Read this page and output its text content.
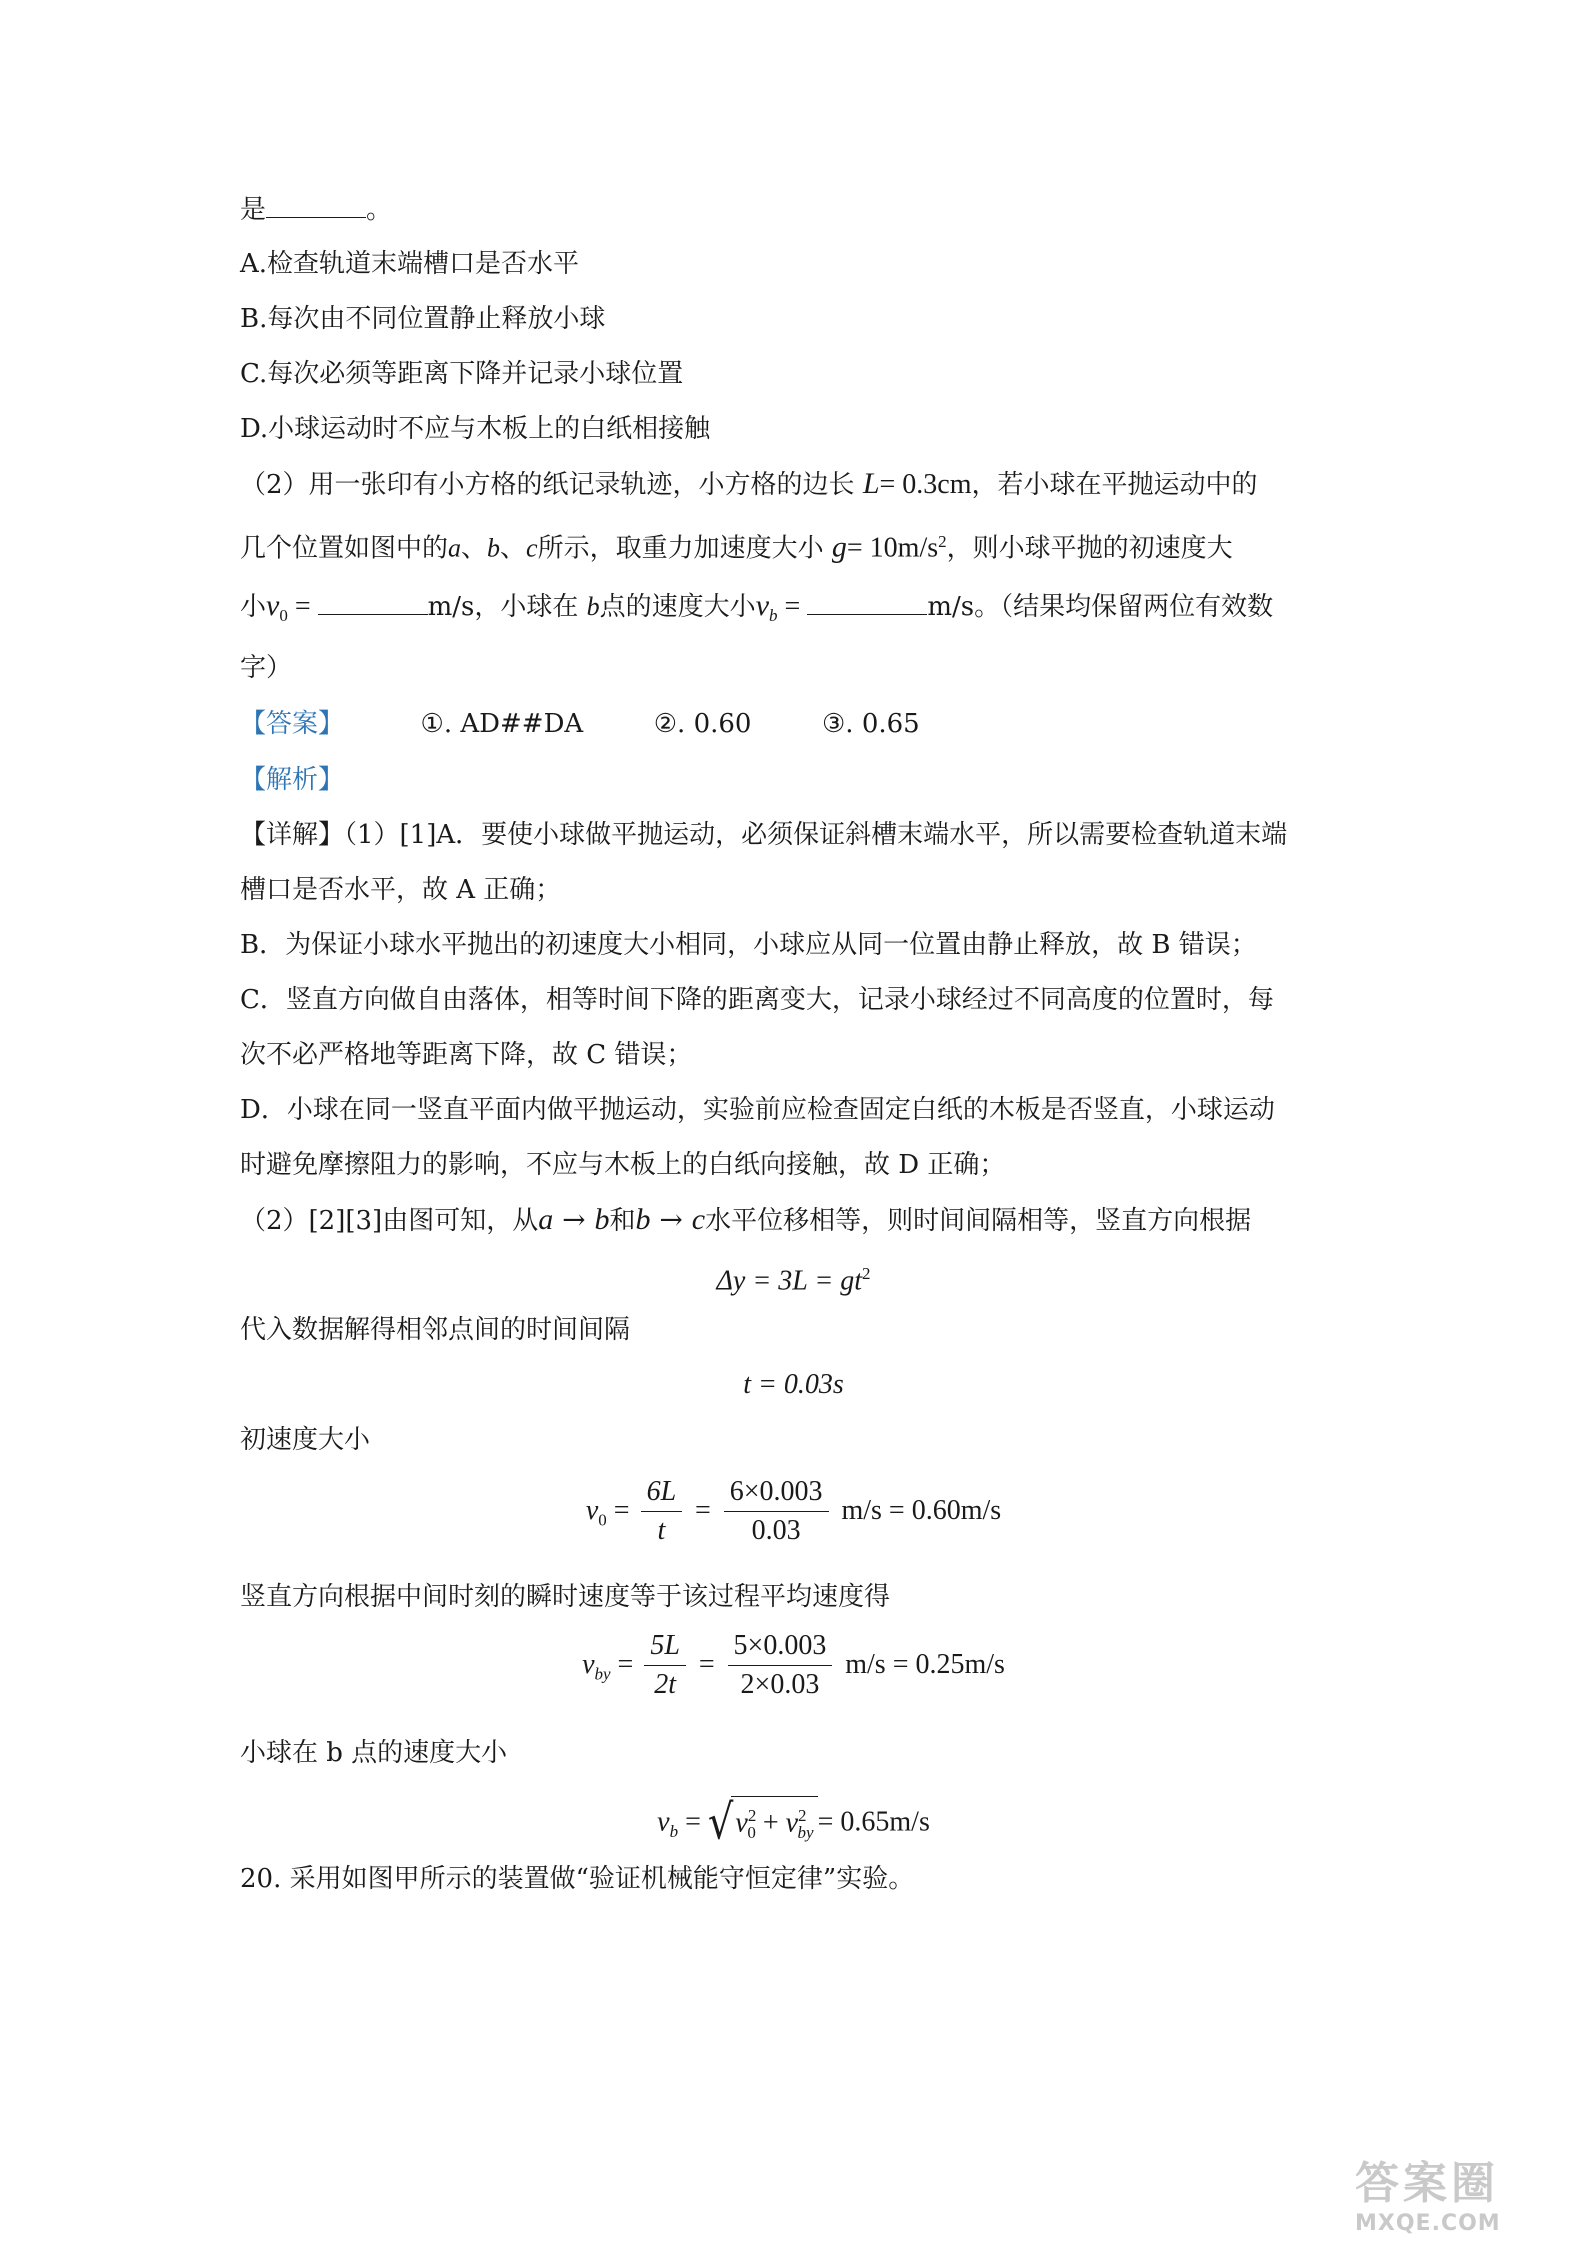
是	。
A.检查轨道末端槽口是否水平
B.每次由不同位置静止释放小球
C.每次必须等距离下降并记录小球位置
D.小球运动时不应与木板上的白纸相接触
（2）用一张印有小方格的纸记录轨迹，小方格的边长 L= 0.3cm，若小球在平抛运动中的
几个位置如图中的a、b、c所示，取重力加速度大小 $g= 10m/s^2$，则小球平抛的初速度大
小$v_0$ =	m/s，小球在 b点的速度大小$v_b$ =	m/s。（结果均保留两位有效数
字）
【答案】	①. AD##DA	②. 0.60	③. 0.65
【解析】
【详解】（1）[1]A．要使小球做平抛运动，必须保证斜槽末端水平，所以需要检查轨道末端
槽口是否水平，故 A 正确；
B．为保证小球水平抛出的初速度大小相同，小球应从同一位置由静止释放，故 B 错误；
C．竖直方向做自由落体，相等时间下降的距离变大，记录小球经过不同高度的位置时，每
次不必严格地等距离下降，故 C 错误；
D．小球在同一竖直平面内做平抛运动，实验前应检查固定白纸的木板是否竖直，小球运动
时避免摩擦阻力的影响，不应与木板上的白纸向接触，故 D 正确；
（2）[2][3]由图可知，从a → b和b → c水平位移相等，则时间间隔相等，竖直方向根据
$\Delta y = 3L = gt^2$
代入数据解得相邻点间的时间间隔
t = 0.03s
初速度大小
$v_0 = \frac{6L}{t} = \frac{6\times 0.003}{0.03} m/s = 0.60m/s$
竖直方向根据中间时刻的瞬时速度等于该过程平均速度得
$v_{by} = \frac{5L}{2t} = \frac{5\times 0.003}{2\times 0.03} m/s = 0.25m/s$
小球在 b 点的速度大小
$v_b = √v^2_0 + v^2_{by} = 0.65m/s$
20. 采用如图甲所示的装置做“验证机械能守恒定律”实验。
答案圈
MXQE.COM
